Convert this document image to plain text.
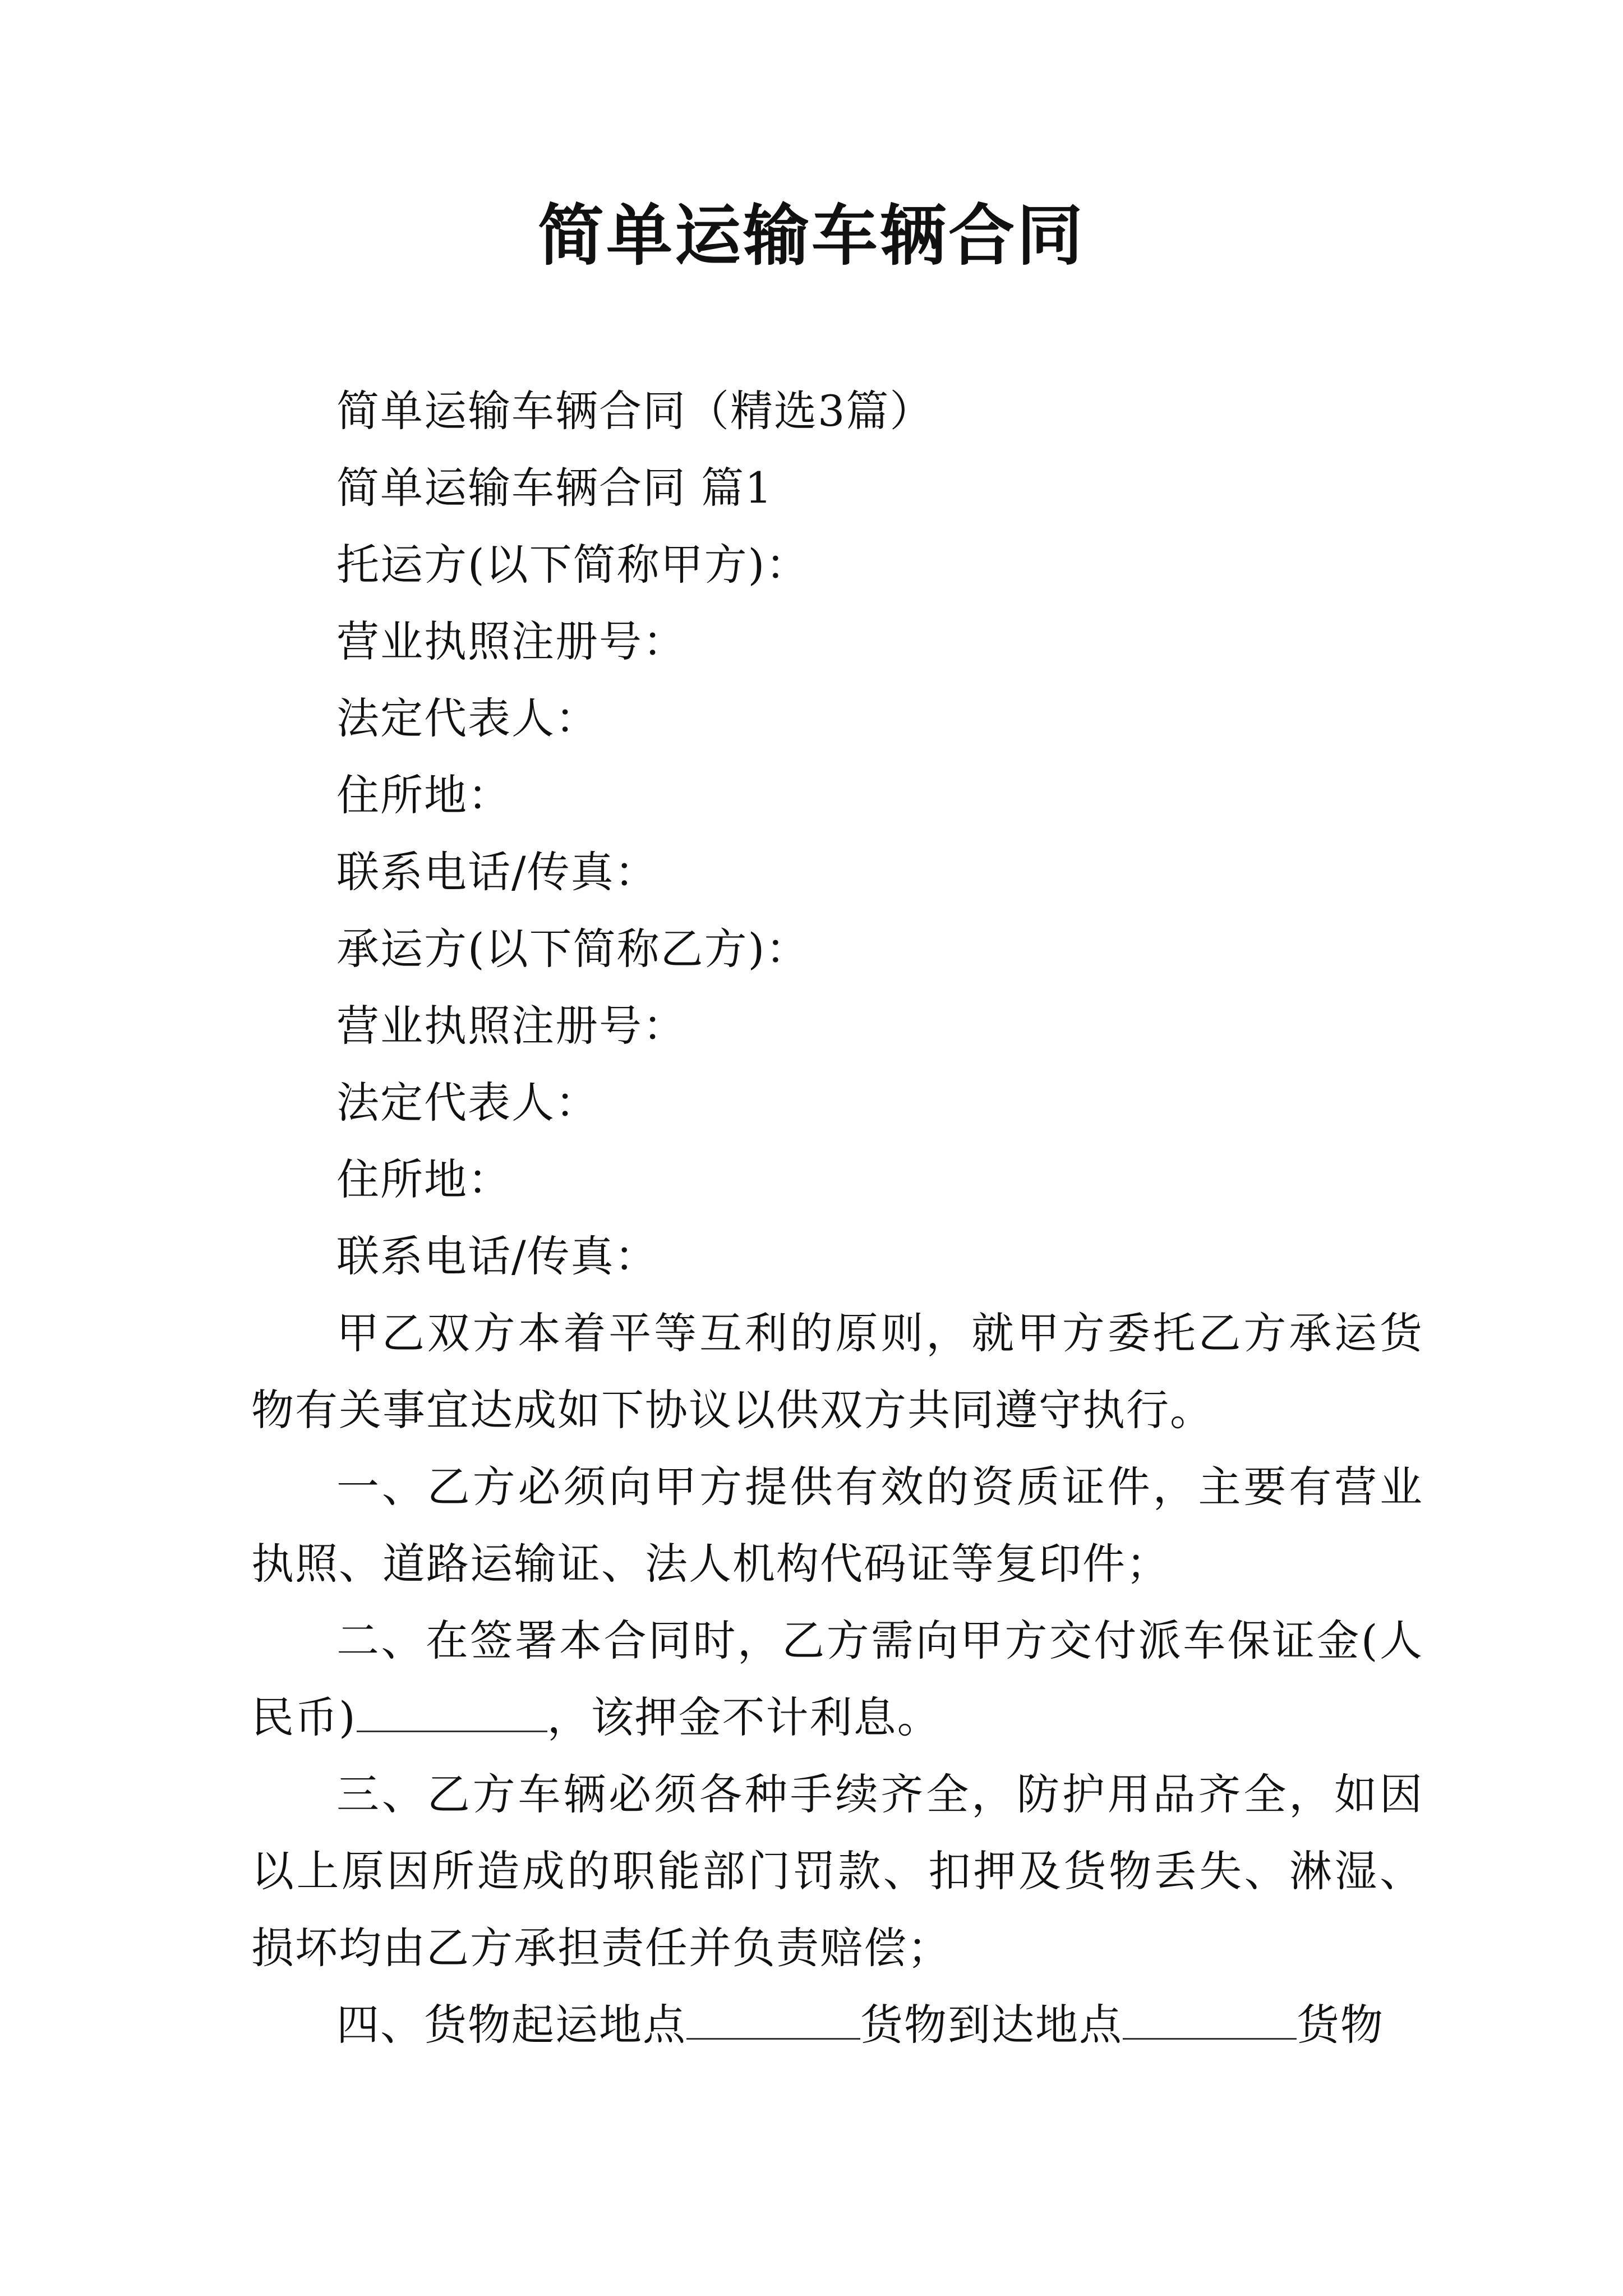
简单运输车辆合同
简单运输车辆合同（精选3篇）
简单运输车辆合同 篇1
托运方(以下简称甲方)：
营业执照注册号：
法定代表人：
住所地：
联系电话/传真：
承运方(以下简称乙方)：
营业执照注册号：
法定代表人：
住所地：
联系电话/传真：

甲乙双方本着平等互利的原则，就甲方委托乙方承运货物有关事宜达成如下协议以供双方共同遵守执行。

一、乙方必须向甲方提供有效的资质证件，主要有营业执照、道路运输证、法人机构代码证等复印件；

二、在签署本合同时，乙方需向甲方交付派车保证金(人民币)	，该押金不计利息。

三、乙方车辆必须各种手续齐全，防护用品齐全，如因以上原因所造成的职能部门罚款、扣押及货物丢失、淋湿、损坏均由乙方承担责任并负责赔偿；

四、货物起运地点	货物到达地点	货物
